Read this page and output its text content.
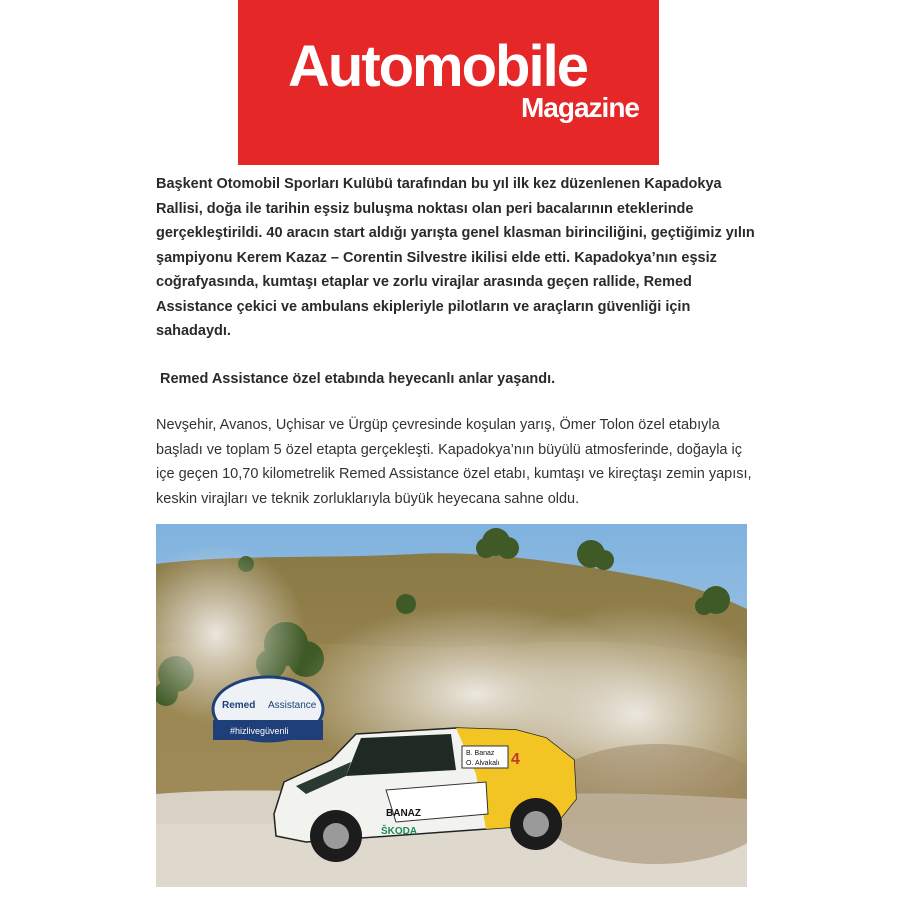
Automobile
Magazine

Başkent Otomobil Sporları Kulübü tarafından bu yıl ilk kez düzenlenen Kapadokya Rallisi, doğa ile tarihin eşsiz buluşma noktası olan peri bacalarının eteklerinde gerçekleştirildi. 40 aracın start aldığı yarışta genel klasman birinciliğini, geçtiğimiz yılın şampiyonu Kerem Kazaz – Corentin Silvestre ikilisi elde etti. Kapadokya’nın eşsiz coğrafyasında, kumtaşı etaplar ve zorlu virajlar arasında geçen rallide, Remed Assistance çekici ve ambulans ekipleriyle pilotların ve araçların güvenliği için sahadaydı.

Remed Assistance özel etabında heyecanlı anlar yaşandı.

Nevşehir, Avanos, Uçhisar ve Ürgüp çevresinde koşulan yarış, Ömer Tolon özel etabıyla başladı ve toplam 5 özel etapta gerçekleşti. Kapadokya’nın büyülü atmosferinde, doğayla iç içe geçen 10,70 kilometrelik Remed Assistance özel etabı, kumtaşı ve kireçtaşı zemin yapısı, keskin virajları ve teknik zorluklarıyla büyük heyecana sahne oldu.

Remed Assistance
#hizlivegüvenli
B. Banaz
O. Alvakalı 4
BANAZ
ŠKODA
